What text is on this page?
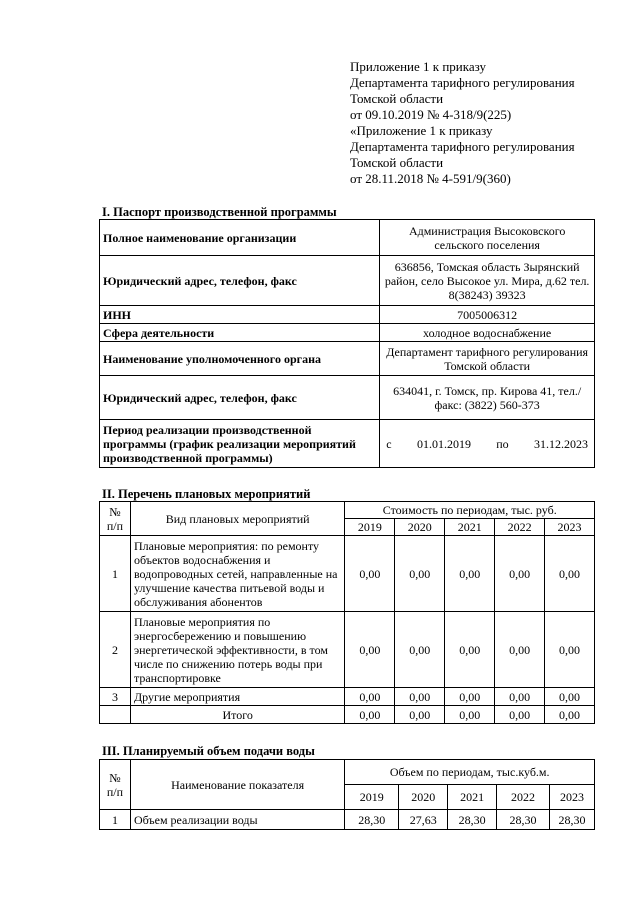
Приложение 1 к приказу
Департамента тарифного регулирования
Томской области
от 09.10.2019 № 4-318/9(225)
«Приложение 1 к приказу
Департамента тарифного регулирования
Томской области
от 28.11.2018 № 4-591/9(360)
I. Паспорт производственной программы
Полное наименование организации	Администрация Высоковского сельского поселения
Юридический адрес, телефон, факс	636856, Томская область Зырянский район, село Высокое ул. Мира, д.62 тел. 8(38243) 39323
ИНН	7005006312
Сфера деятельности	холодное водоснабжение
Наименование уполномоченного органа	Департамент тарифного регулирования Томской области
Юридический адрес, телефон, факс	634041, г. Томск, пр. Кирова 41, тел./факс: (3822) 560-373
Период реализации производственной программы (график реализации мероприятий производственной программы)	с 01.01.2019 по 31.12.2023
II. Перечень плановых мероприятий
№ п/п	Вид плановых мероприятий	Стоимость по периодам, тыс. руб.				
		2019	2020	2021	2022	2023
1	Плановые мероприятия: по ремонту объектов водоснабжения и водопроводных сетей, направленные на улучшение качества питьевой воды и обслуживания абонентов	0,00	0,00	0,00	0,00	0,00
2	Плановые мероприятия по энергосбережению и повышению энергетической эффективности, в том числе по снижению потерь воды при транспортировке	0,00	0,00	0,00	0,00	0,00
3	Другие мероприятия	0,00	0,00	0,00	0,00	0,00
	Итого	0,00	0,00	0,00	0,00	0,00
III. Планируемый объем подачи воды
№ п/п	Наименование показателя	Объем по периодам, тыс.куб.м.				
		2019	2020	2021	2022	2023
1	Объем реализации воды	28,30	27,63	28,30	28,30	28,30
